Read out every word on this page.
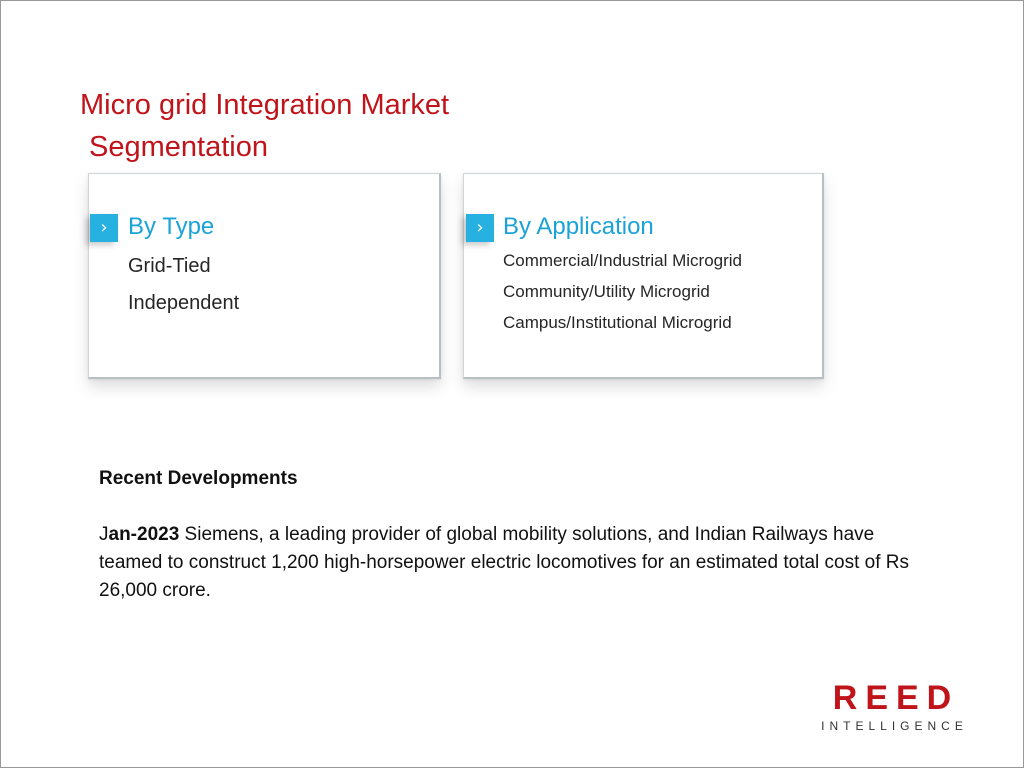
Micro grid Integration Market
Segmentation
› By Type
Grid-Tied
Independent
› By Application
Commercial/Industrial Microgrid
Community/Utility Microgrid
Campus/Institutional Microgrid
Recent Developments

Jan-2023 Siemens, a leading provider of global mobility solutions, and Indian Railways have teamed to construct 1,200 high-horsepower electric locomotives for an estimated total cost of Rs 26,000 crore.

REED
INTELLIGENCE
